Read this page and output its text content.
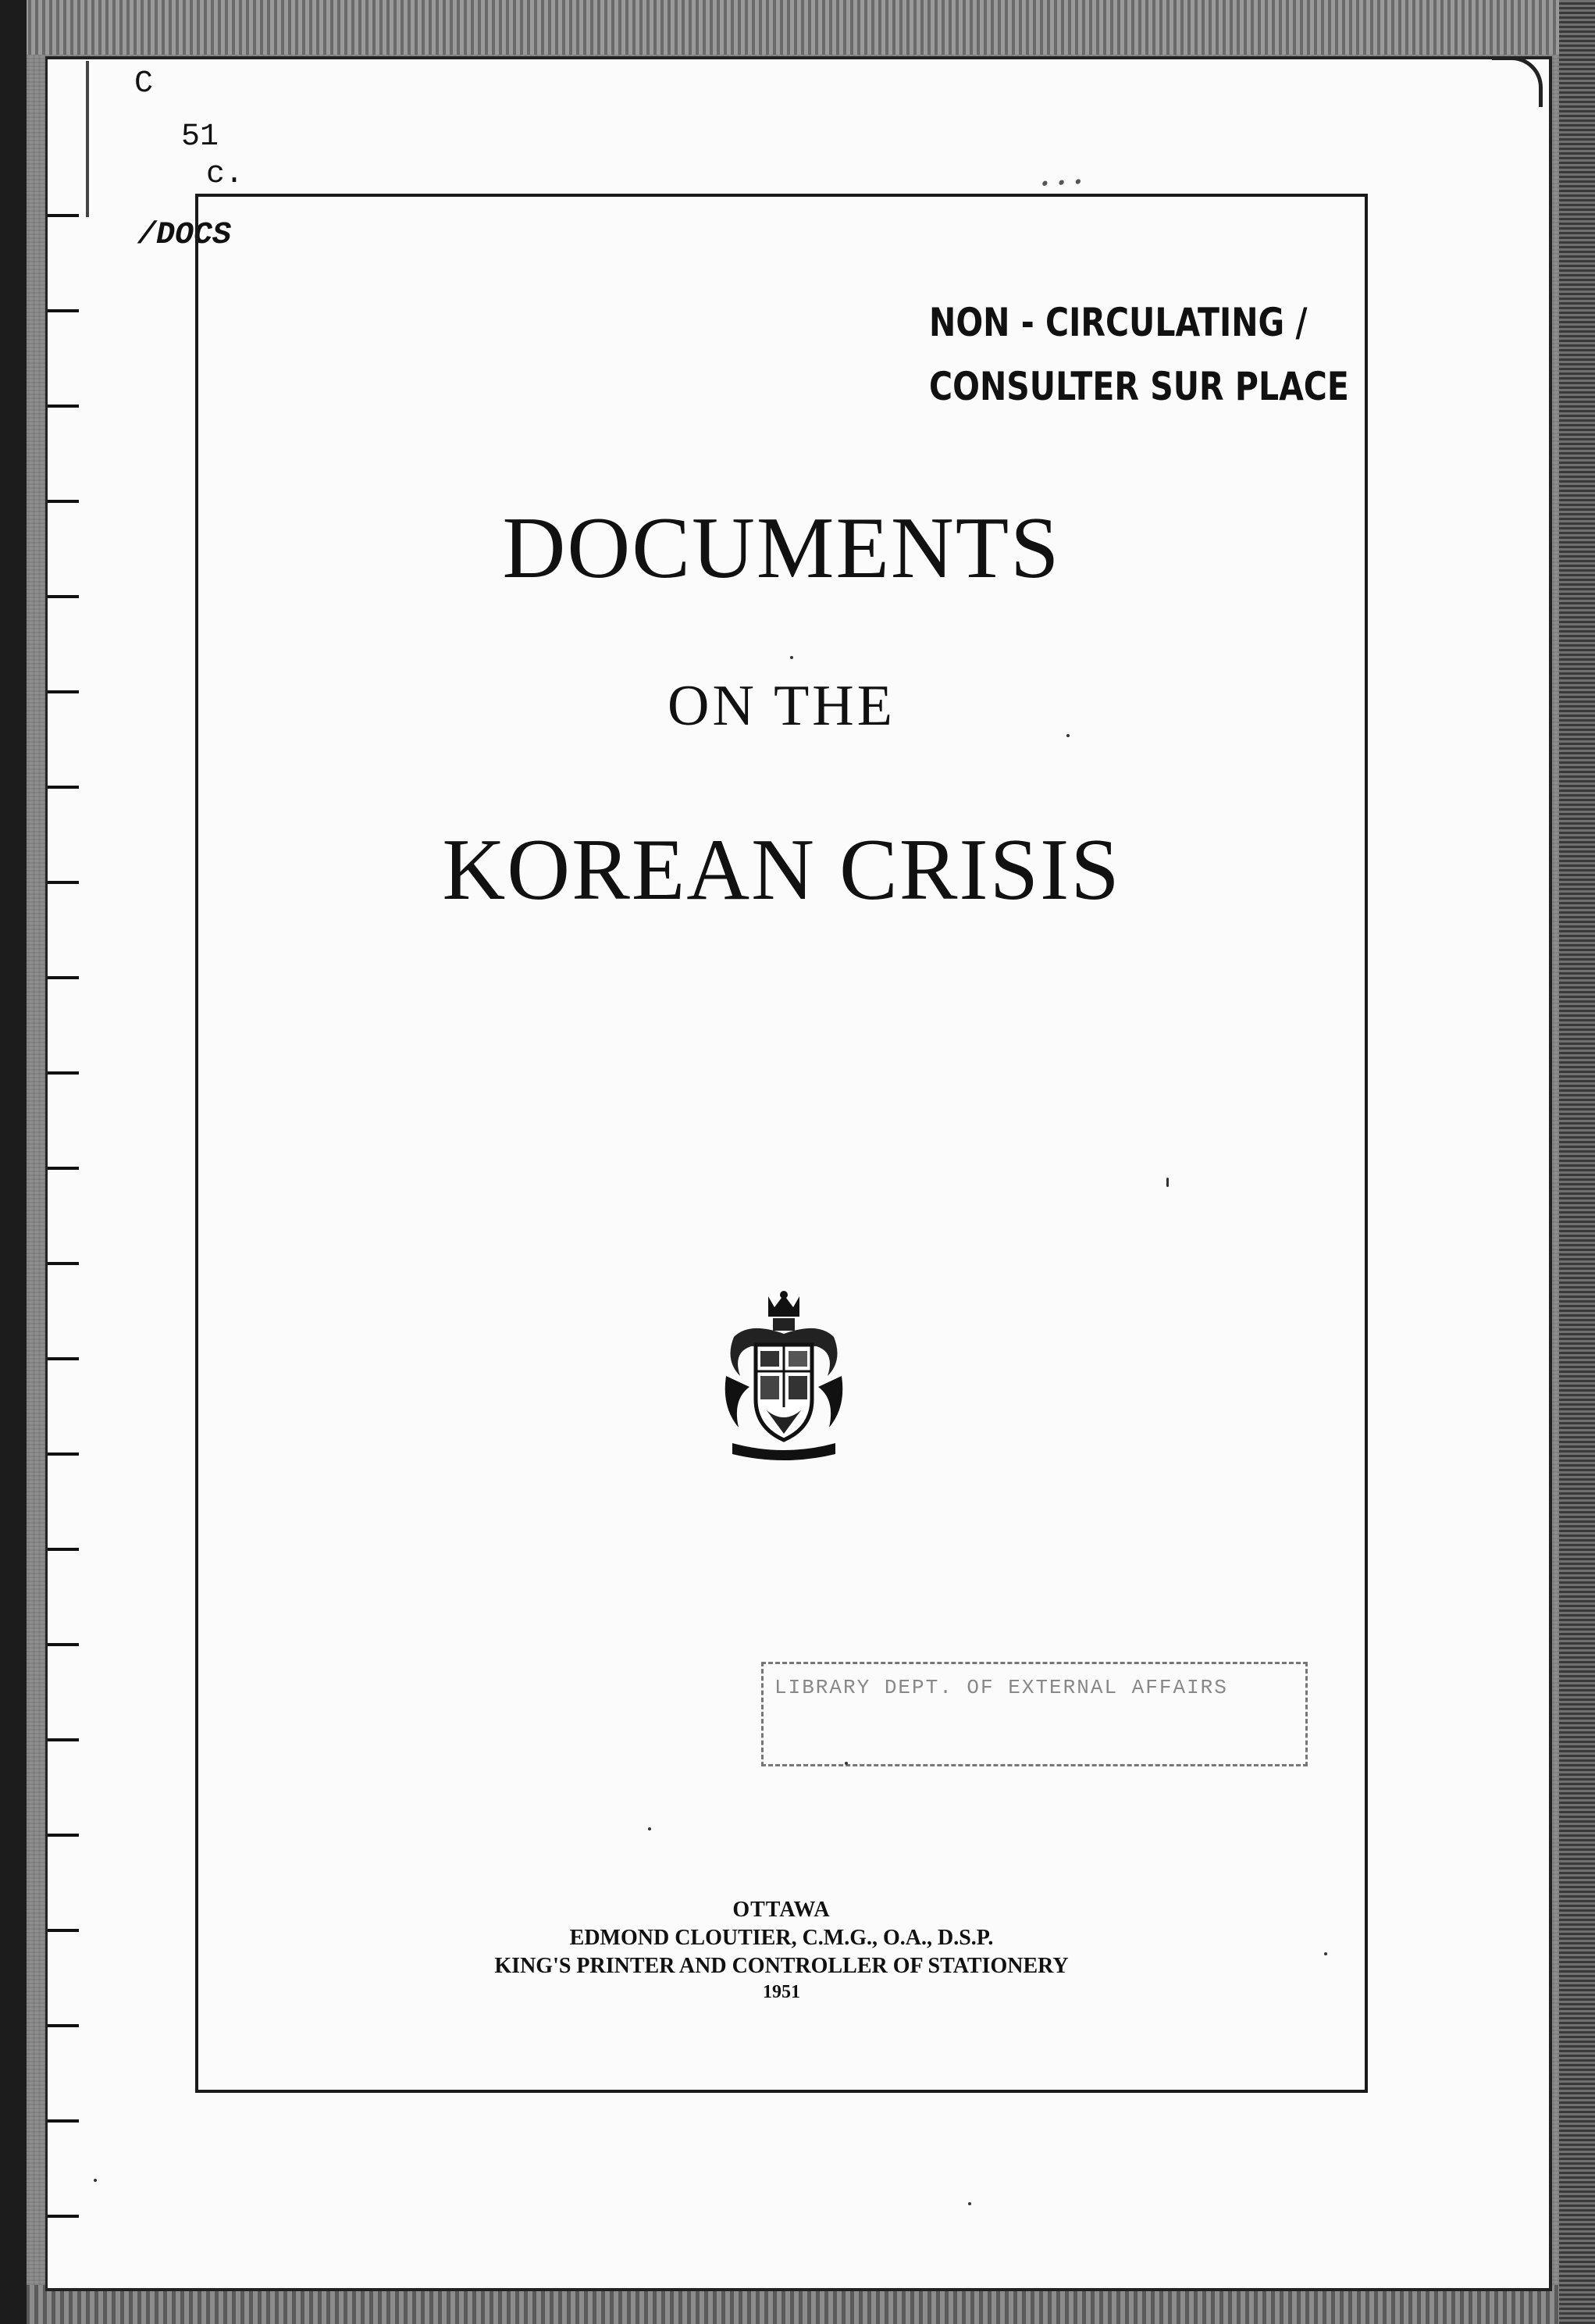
C
51
c.
/DOCS
...
NON - CIRCULATING /
CONSULTER SUR PLACE
DOCUMENTS
ON THE
KOREAN CRISIS
LIBRARY DEPT. OF EXTERNAL AFFAIRS
OTTAWA
EDMOND CLOUTIER, C.M.G., O.A., D.S.P.
KING'S PRINTER AND CONTROLLER OF STATIONERY
1951
